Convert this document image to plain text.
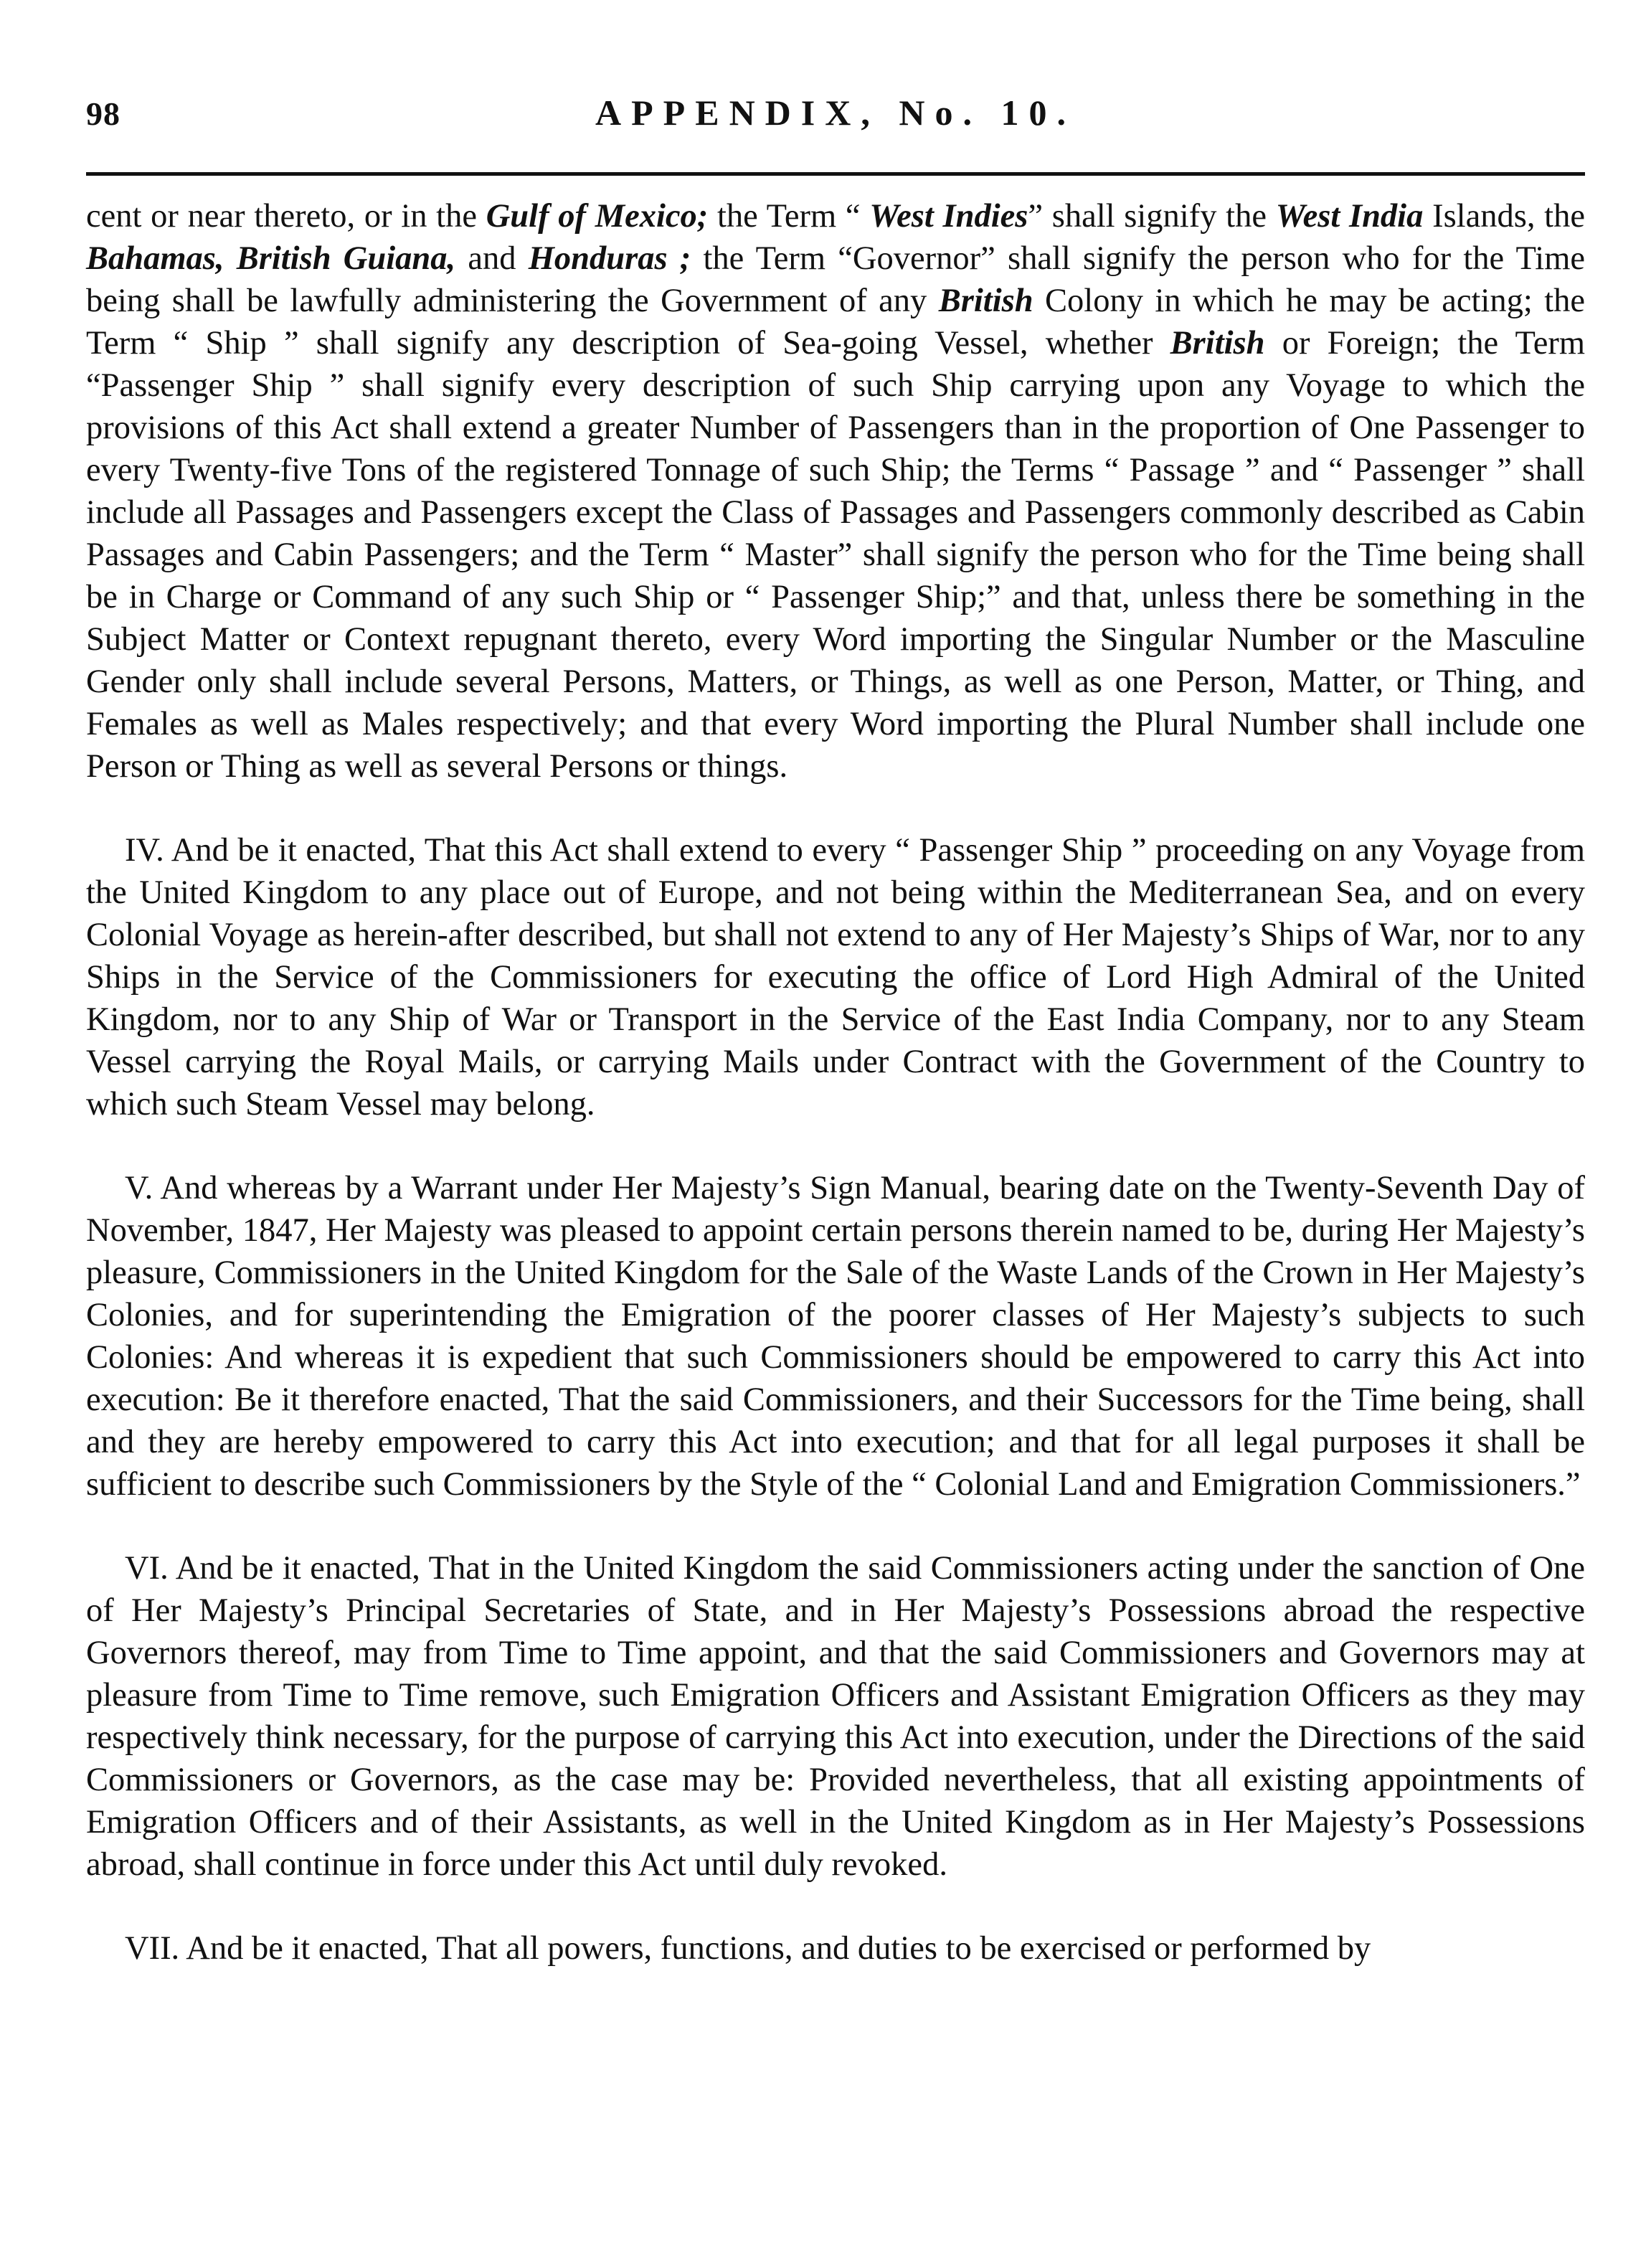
98	APPENDIX, No. 10.

cent or near thereto, or in the Gulf of Mexico; the Term “ West Indies” shall signify the West India Islands, the Bahamas, British Guiana, and Honduras ; the Term “Governor” shall signify the person who for the Time being shall be lawfully administering the Government of any British Colony in which he may be acting; the Term “ Ship ” shall signify any description of Sea-going Vessel, whether British or Foreign; the Term “Passenger Ship ” shall signify every description of such Ship carrying upon any Voyage to which the provisions of this Act shall extend a greater Number of Passengers than in the proportion of One Passenger to every Twenty-five Tons of the registered Tonnage of such Ship; the Terms “ Passage ” and “ Passenger ” shall include all Passages and Passengers except the Class of Passages and Passengers commonly described as Cabin Passages and Cabin Passengers; and the Term “ Master” shall signify the person who for the Time being shall be in Charge or Command of any such Ship or “ Passenger Ship;” and that, unless there be something in the Subject Matter or Context repugnant thereto, every Word importing the Singular Number or the Masculine Gender only shall include several Persons, Matters, or Things, as well as one Person, Matter, or Thing, and Females as well as Males respectively; and that every Word importing the Plural Number shall include one Person or Thing as well as several Persons or things.

IV. And be it enacted, That this Act shall extend to every “ Passenger Ship ” proceeding on any Voyage from the United Kingdom to any place out of Europe, and not being within the Mediterranean Sea, and on every Colonial Voyage as herein-after described, but shall not extend to any of Her Majesty’s Ships of War, nor to any Ships in the Service of the Commissioners for executing the office of Lord High Admiral of the United Kingdom, nor to any Ship of War or Transport in the Service of the East India Company, nor to any Steam Vessel carrying the Royal Mails, or carrying Mails under Contract with the Government of the Country to which such Steam Vessel may belong.

V. And whereas by a Warrant under Her Majesty’s Sign Manual, bearing date on the Twenty-Seventh Day of November, 1847, Her Majesty was pleased to appoint certain persons therein named to be, during Her Majesty’s pleasure, Commissioners in the United Kingdom for the Sale of the Waste Lands of the Crown in Her Majesty’s Colonies, and for superintending the Emigration of the poorer classes of Her Majesty’s subjects to such Colonies: And whereas it is expedient that such Commissioners should be empowered to carry this Act into execution: Be it therefore enacted, That the said Commissioners, and their Successors for the Time being, shall and they are hereby empowered to carry this Act into execution; and that for all legal purposes it shall be sufficient to describe such Commissioners by the Style of the “ Colonial Land and Emigration Commissioners.”

VI. And be it enacted, That in the United Kingdom the said Commissioners acting under the sanction of One of Her Majesty’s Principal Secretaries of State, and in Her Majesty’s Possessions abroad the respective Governors thereof, may from Time to Time appoint, and that the said Commissioners and Governors may at pleasure from Time to Time remove, such Emigration Officers and Assistant Emigration Officers as they may respectively think necessary, for the purpose of carrying this Act into execution, under the Directions of the said Commissioners or Governors, as the case may be: Provided nevertheless, that all existing appointments of Emigration Officers and of their Assistants, as well in the United Kingdom as in Her Majesty’s Possessions abroad, shall continue in force under this Act until duly revoked.

VII. And be it enacted, That all powers, functions, and duties to be exercised or performed by
